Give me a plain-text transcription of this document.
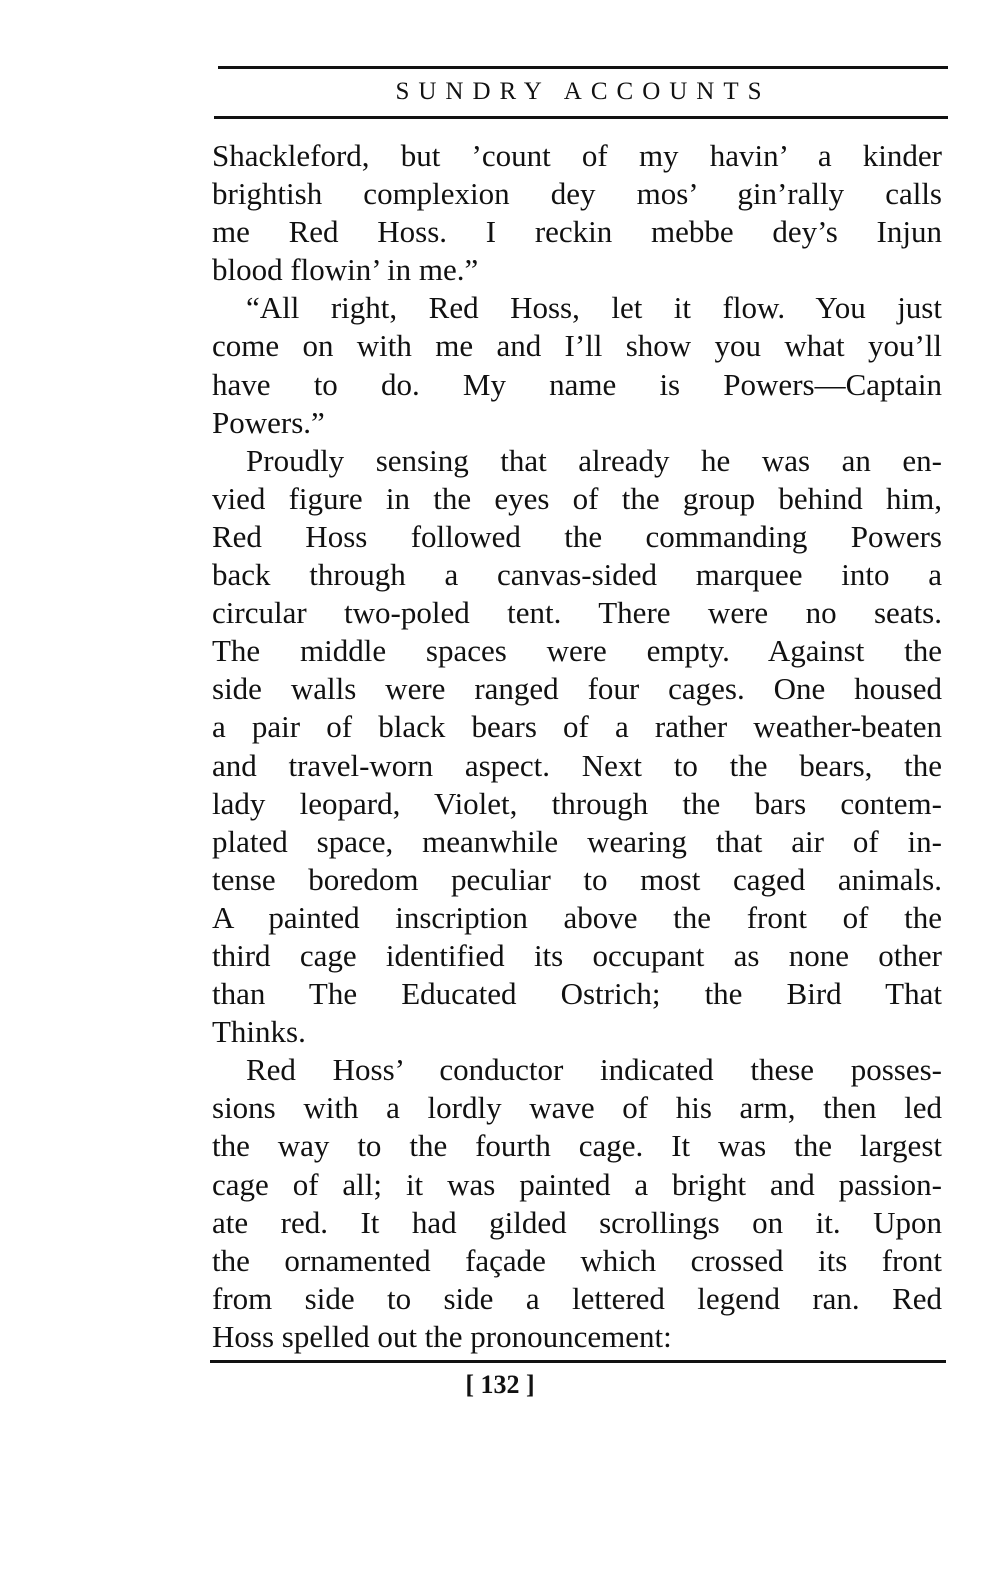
SUNDRY ACCOUNTS
Shackleford, but ’count of my havin’ a kinder
brightish complexion dey mos’ gin’rally calls
me Red Hoss. I reckin mebbe dey’s Injun
blood flowin’ in me.”
“All right, Red Hoss, let it flow. You just
come on with me and I’ll show you what you’ll
have to do. My name is Powers—Captain
Powers.”
Proudly sensing that already he was an en-
vied figure in the eyes of the group behind him,
Red Hoss followed the commanding Powers
back through a canvas-sided marquee into a
circular two-poled tent. There were no seats.
The middle spaces were empty. Against the
side walls were ranged four cages. One housed
a pair of black bears of a rather weather-beaten
and travel-worn aspect. Next to the bears, the
lady leopard, Violet, through the bars contem-
plated space, meanwhile wearing that air of in-
tense boredom peculiar to most caged animals.
A painted inscription above the front of the
third cage identified its occupant as none other
than The Educated Ostrich; the Bird That
Thinks.
Red Hoss’ conductor indicated these posses-
sions with a lordly wave of his arm, then led
the way to the fourth cage. It was the largest
cage of all; it was painted a bright and passion-
ate red. It had gilded scrollings on it. Upon
the ornamented façade which crossed its front
from side to side a lettered legend ran. Red
Hoss spelled out the pronouncement:
[ 132 ]
